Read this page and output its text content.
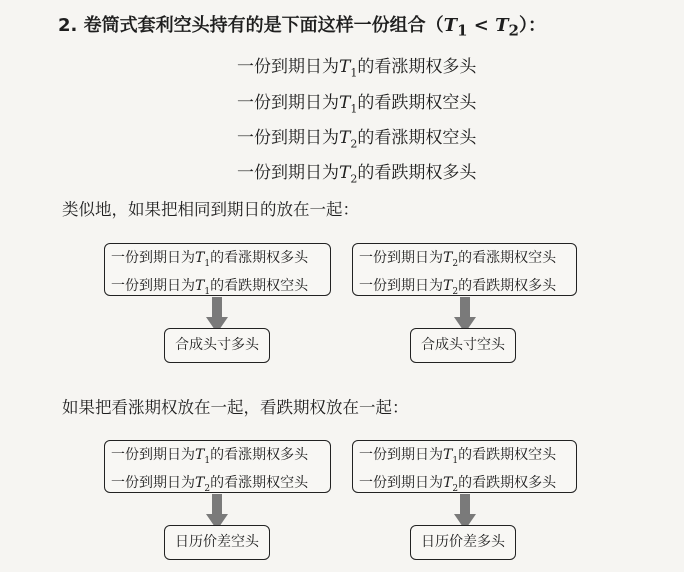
2. 卷筒式套利空头持有的是下面这样一份组合$(T_1 < T_2)$：
一份到期日为$T_1$的看涨期权多头
一份到期日为$T_1$的看跌期权空头
一份到期日为$T_2$的看涨期权空头
一份到期日为$T_2$的看跌期权多头
类似地，如果把相同到期日的放在一起：
一份到期日为$T_1$的看涨期权多头
一份到期日为$T_1$的看跌期权空头
合成头寸多头
一份到期日为$T_2$的看涨期权空头
一份到期日为$T_2$的看跌期权多头
合成头寸空头
如果把看涨期权放在一起，看跌期权放在一起：
一份到期日为$T_1$的看涨期权多头
一份到期日为$T_2$的看涨期权空头
日历价差空头
一份到期日为$T_1$的看跌期权空头
一份到期日为$T_2$的看跌期权多头
日历价差多头
